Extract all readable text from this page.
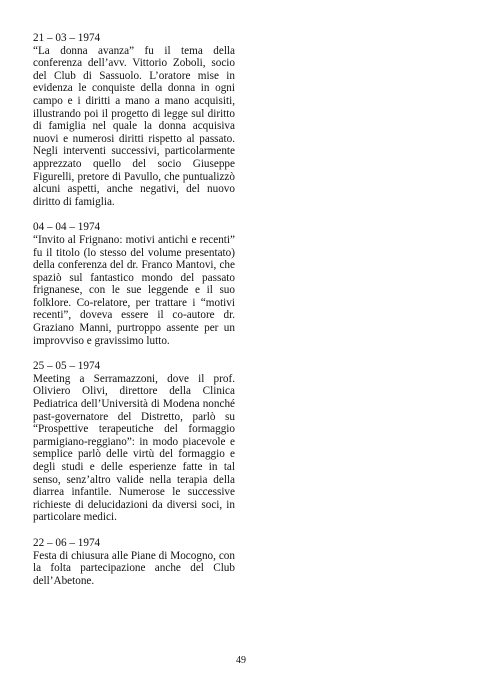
21 – 03 – 1974

“La donna avanza” fu il tema della conferenza dell’avv. Vittorio Zoboli, socio del Club di Sassuolo. L’oratore mise in evidenza le conquiste della donna in ogni campo e i diritti a mano a mano acquisiti, illustrando poi il progetto di legge sul diritto di famiglia nel quale la donna acquisiva nuovi e numerosi diritti rispetto al passato. Negli interventi successivi, particolarmente apprezzato quello del socio Giuseppe Figurelli, pretore di Pavullo, che puntualizzò alcuni aspetti, anche negativi, del nuovo diritto di famiglia.

04 – 04 – 1974

“Invito al Frignano: motivi antichi e recenti” fu il titolo (lo stesso del volume presentato) della conferenza del dr. Franco Mantovi, che spaziò sul fantastico mondo del passato frignanese, con le sue leggende e il suo folklore. Co-relatore, per trattare i “motivi recenti”, doveva essere il co-autore dr. Graziano Manni, purtroppo assente per un improvviso e gravissimo lutto.

25 – 05 – 1974

Meeting a Serramazzoni, dove il prof. Oliviero Olivi, direttore della Clinica Pediatrica dell’Università di Modena nonché past-governatore del Distretto, parlò su “Prospettive terapeutiche del formaggio parmigiano-reggiano”: in modo piacevole e semplice parlò delle virtù del formaggio e degli studi e delle esperienze fatte in tal senso, senz’altro valide nella terapia della diarrea infantile. Numerose le successive richieste di delucidazioni da diversi soci, in particolare medici.

22 – 06 – 1974

Festa di chiusura alle Piane di Mocogno, con la folta partecipazione anche del Club dell’Abetone.

49
